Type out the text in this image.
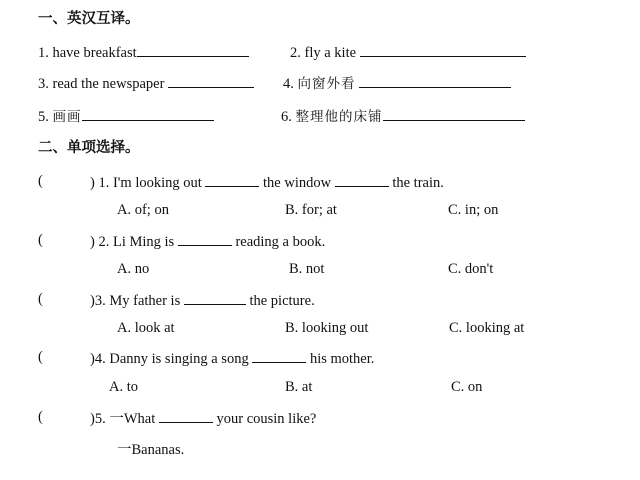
一、英汉互译。
1. have breakfast	2. fly a kite
3. read the newspaper	4. 向窗外看
5. 画画	6. 整理他的床铺
二、单项选择。
(	) 1. I'm looking out	the window	the train.
A. of; on	B. for; at	C. in; on
(	) 2. Li Ming is	reading a book.
A. no	B. not	C. don't
(	)3. My father is	the picture.
A. look at	B. looking out	C. looking at
(	)4. Danny is singing a song	his mother.
A. to	B. at	C. on
(	)5. 一What	your cousin like?
一Bananas.
